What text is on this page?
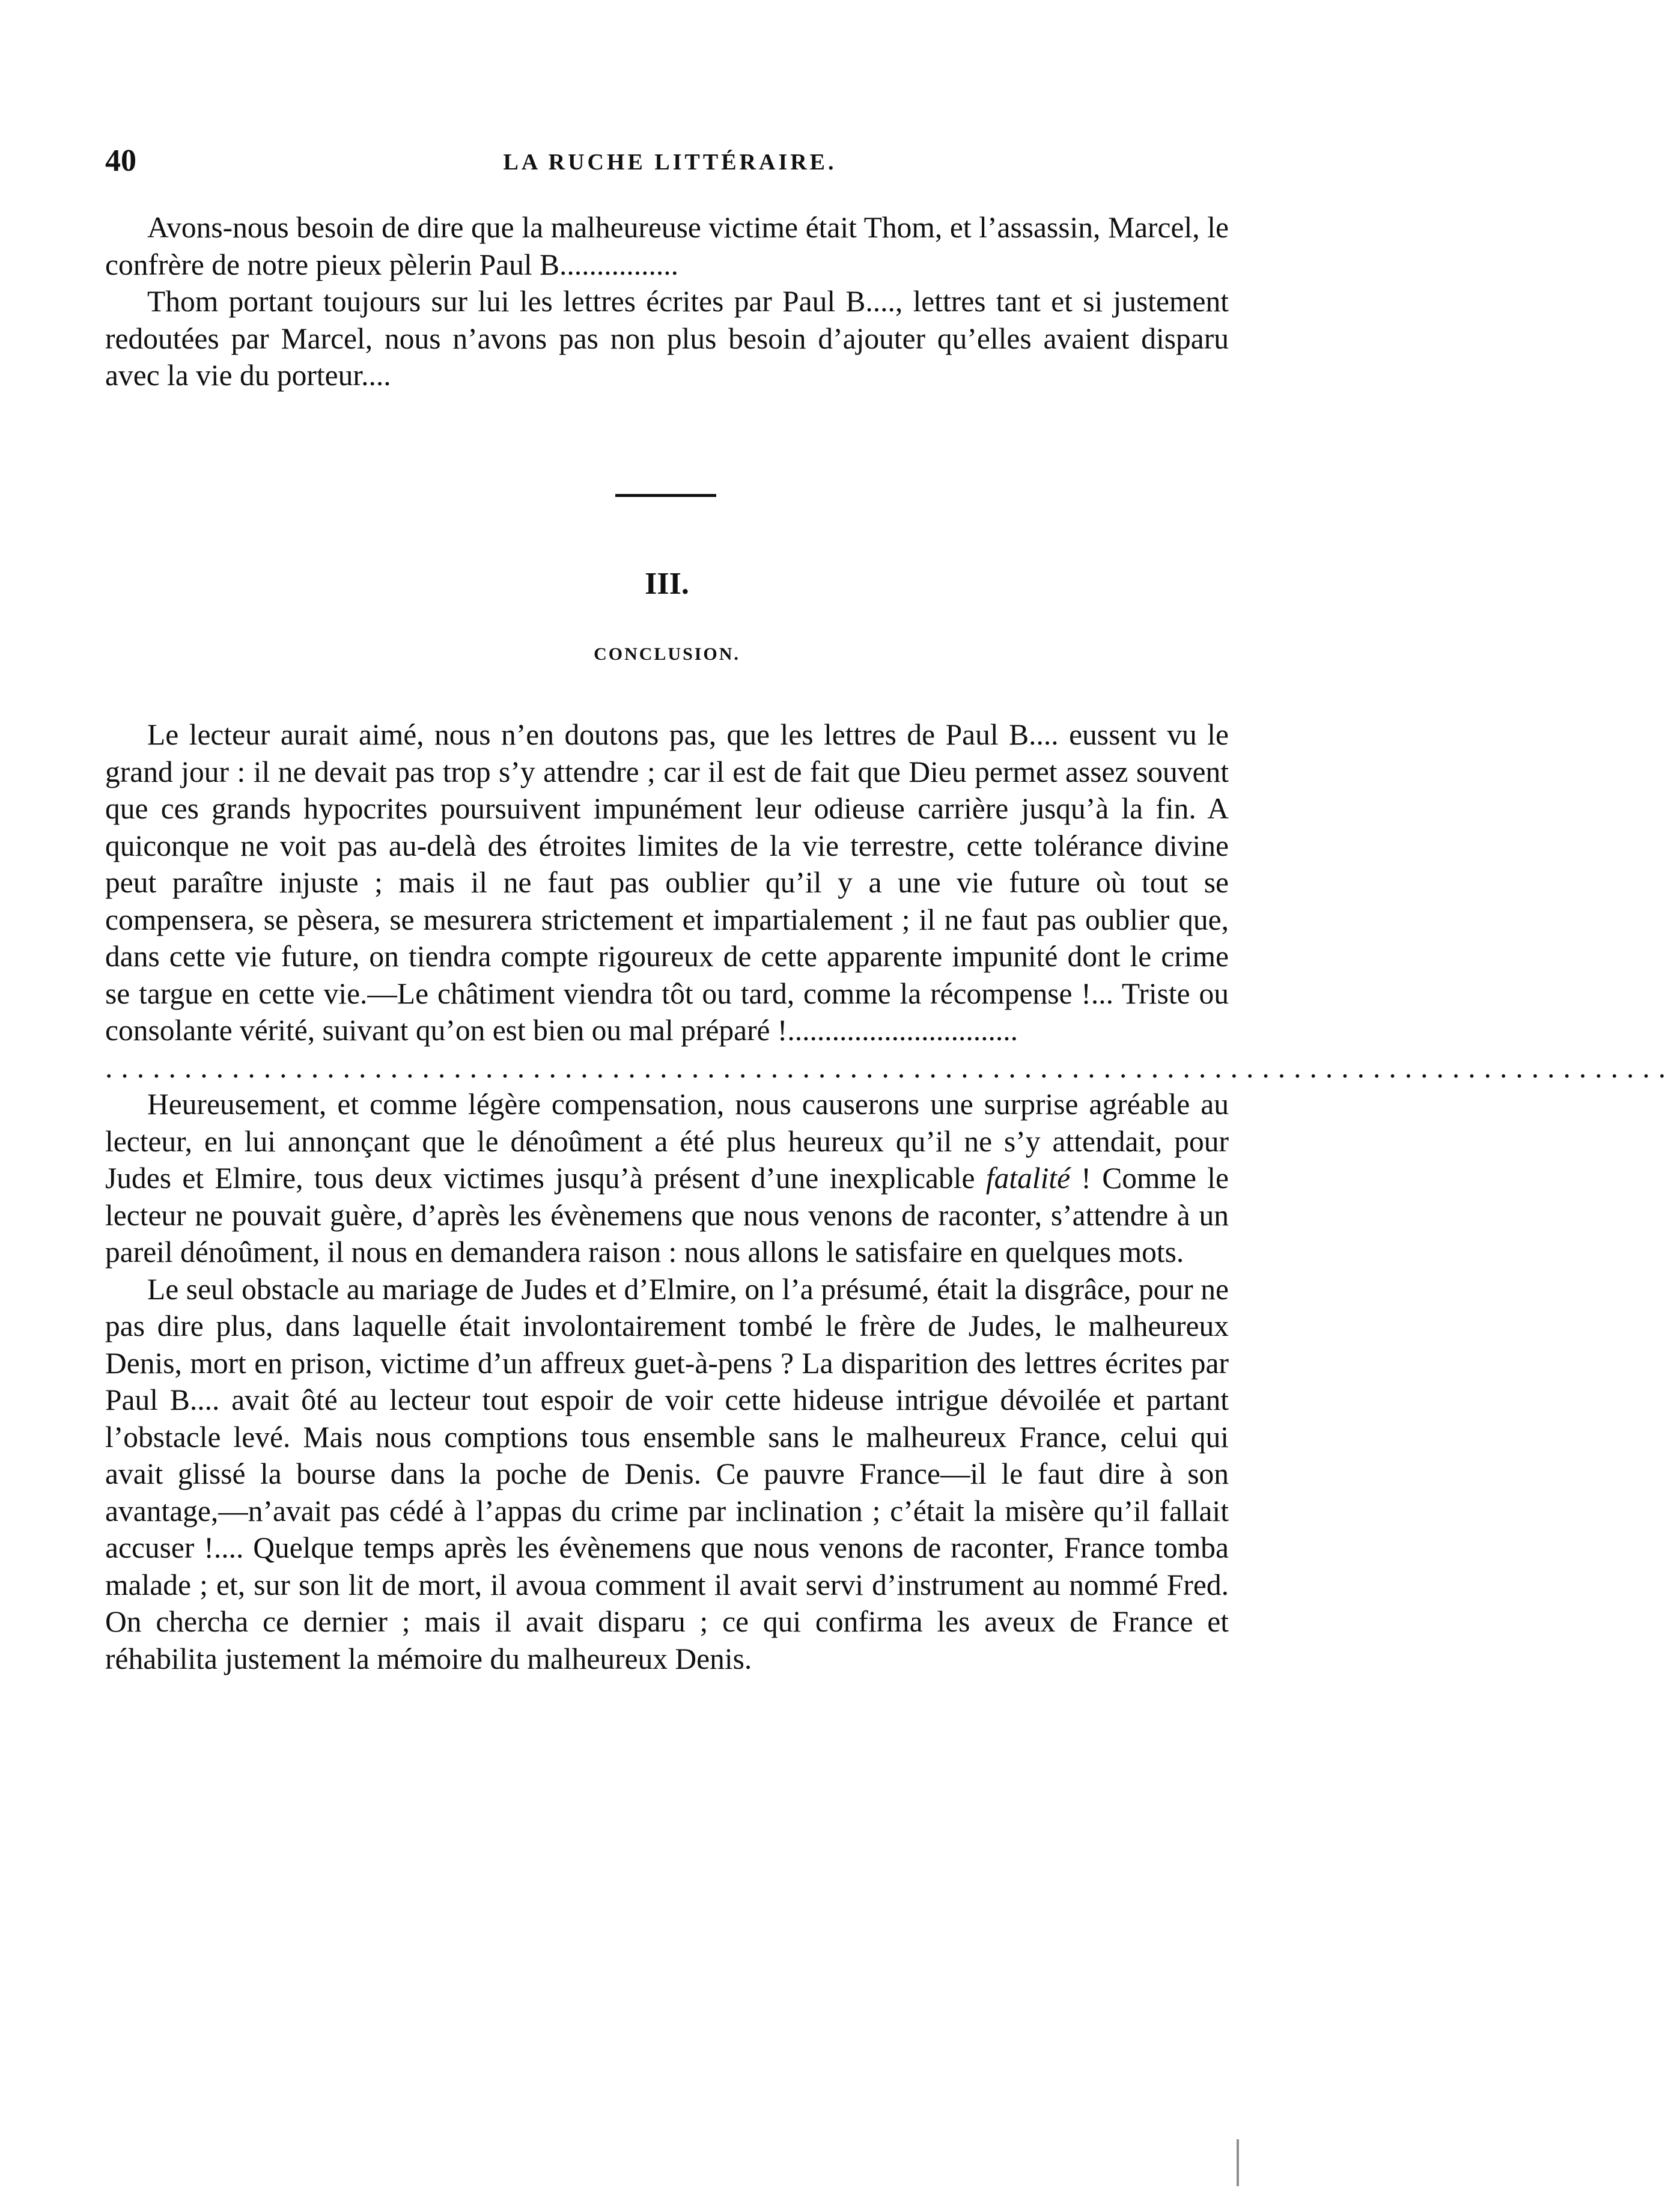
40	LA RUCHE LITTÉRAIRE.

Avons-nous besoin de dire que la malheureuse victime était Thom, et l’assassin, Marcel, le confrère de notre pieux pèlerin Paul B................

Thom portant toujours sur lui les lettres écrites par Paul B...., lettres tant et si justement redoutées par Marcel, nous n’avons pas non plus besoin d’ajouter qu’elles avaient disparu avec la vie du porteur....

III.
CONCLUSION.

Le lecteur aurait aimé, nous n’en doutons pas, que les lettres de Paul B.... eussent vu le grand jour : il ne devait pas trop s’y attendre ; car il est de fait que Dieu permet assez souvent que ces grands hypocrites poursuivent impunément leur odieuse carrière jusqu’à la fin. A quiconque ne voit pas au-delà des étroites limites de la vie terrestre, cette tolérance divine peut paraître injuste ; mais il ne faut pas oublier qu’il y a une vie future où tout se compensera, se pèsera, se mesurera strictement et impartialement ; il ne faut pas oublier que, dans cette vie future, on tiendra compte rigoureux de cette apparente impunité dont le crime se targue en cette vie.—Le châtiment viendra tôt ou tard, comme la récompense !... Triste ou consolante vérité, suivant qu’on est bien ou mal préparé !...............................

...................................................................................................

Heureusement, et comme légère compensation, nous causerons une surprise agréable au lecteur, en lui annonçant que le dénoûment a été plus heureux qu’il ne s’y attendait, pour Judes et Elmire, tous deux victimes jusqu’à présent d’une inexplicable fatalité ! Comme le lecteur ne pouvait guère, d’après les évènemens que nous venons de raconter, s’attendre à un pareil dénoûment, il nous en demandera raison : nous allons le satisfaire en quelques mots.

Le seul obstacle au mariage de Judes et d’Elmire, on l’a présumé, était la disgrâce, pour ne pas dire plus, dans laquelle était involontairement tombé le frère de Judes, le malheureux Denis, mort en prison, victime d’un affreux guet-à-pens ? La disparition des lettres écrites par Paul B.... avait ôté au lecteur tout espoir de voir cette hideuse intrigue dévoilée et partant l’obstacle levé. Mais nous comptions tous ensemble sans le malheureux France, celui qui avait glissé la bourse dans la poche de Denis. Ce pauvre France—il le faut dire à son avantage,—n’avait pas cédé à l’appas du crime par inclination ; c’était la misère qu’il fallait accuser !.... Quelque temps après les évènemens que nous venons de raconter, France tomba malade ; et, sur son lit de mort, il avoua comment il avait servi d’instrument au nommé Fred. On chercha ce dernier ; mais il avait disparu ; ce qui confirma les aveux de France et réhabilita justement la mémoire du malheureux Denis.
